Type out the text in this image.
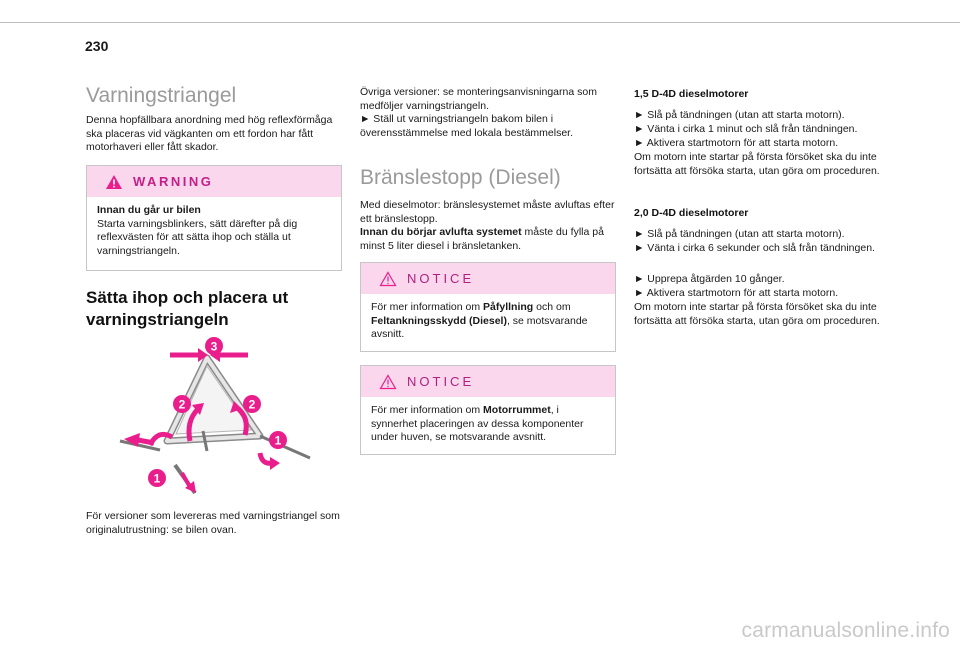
230
Varningstriangel

Denna hopfällbara anordning med hög reflexförmåga ska placeras vid vägkanten om ett fordon har fått motorhaveri eller fått skador.

WARNING
Innan du går ur bilen
Starta varningsblinkers, sätt därefter på dig reflexvästen för att sätta ihop och ställa ut varningstriangeln.
Sätta ihop och placera ut
varningstriangeln
3
2	2
1
1

För versioner som levereras med varningstriangel som originalutrustning: se bilen ovan.

Övriga versioner: se monteringsanvisningarna som medföljer varningstriangeln.

► Ställ ut varningstriangeln bakom bilen i överensstämmelse med lokala bestämmelser.

Bränslestopp (Diesel)

Med dieselmotor: bränslesystemet måste avluftas efter ett bränslestopp.

Innan du börjar avlufta systemet måste du fylla på minst 5 liter diesel i bränsletanken.

NOTICE
För mer information om Påfyllning och om Feltankningsskydd (Diesel), se motsvarande avsnitt.
NOTICE
För mer information om Motorrummet, i synnerhet placeringen av dessa komponenter under huven, se motsvarande avsnitt.
1,5 D-4D dieselmotorer

► Slå på tändningen (utan att starta motorn).

► Vänta i cirka 1 minut och slå från tändningen.

► Aktivera startmotorn för att starta motorn.

Om motorn inte startar på första försöket ska du inte fortsätta att försöka starta, utan göra om proceduren.

2,0 D-4D dieselmotorer

► Slå på tändningen (utan att starta motorn).

► Vänta i cirka 6 sekunder och slå från tändningen.

► Upprepa åtgärden 10 gånger.

► Aktivera startmotorn för att starta motorn.

Om motorn inte startar på första försöket ska du inte fortsätta att försöka starta, utan göra om proceduren.

carmanualsonline.info
